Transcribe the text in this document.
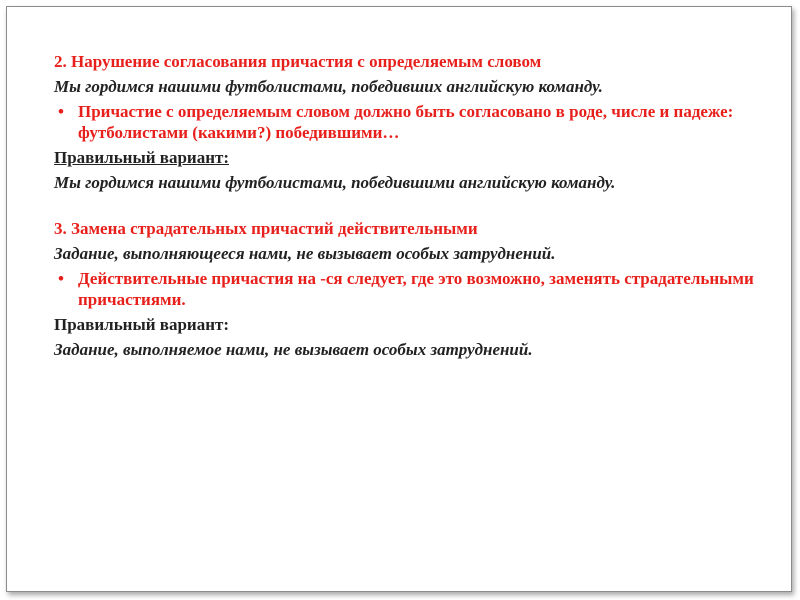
2. Нарушение согласования причастия с определяемым словом

Мы гордимся нашими футболистами, победивших английскую команду.

• Причастие с определяемым словом должно быть согласовано в роде, числе и падеже: футболистами (какими?) победившими…

Правильный вариант:

Мы гордимся нашими футболистами, победившими английскую команду.

3. Замена страдательных причастий действительными

Задание, выполняющееся нами, не вызывает особых затруднений.

• Действительные причастия на -ся следует, где это возможно, заменять страдательными причастиями.

Правильный вариант:

Задание, выполняемое нами, не вызывает особых затруднений.
